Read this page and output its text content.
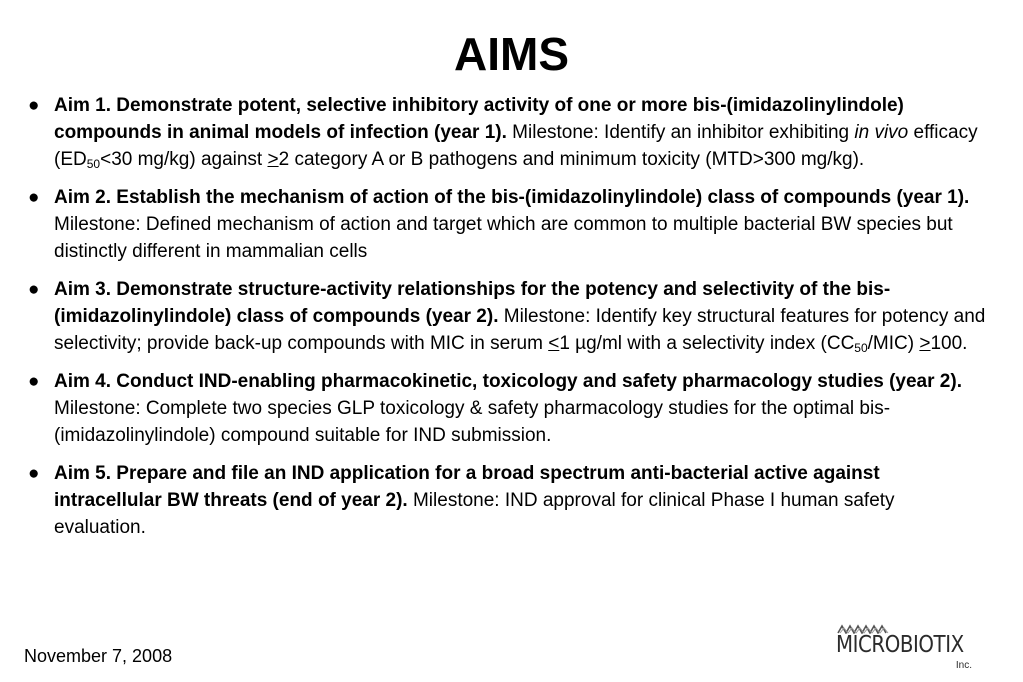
AIMS
● Aim 1. Demonstrate potent, selective inhibitory activity of one or more bis-(imidazolinylindole) compounds in animal models of infection (year 1). Milestone: Identify an inhibitor exhibiting in vivo efficacy ($ED_{50}<30$ mg/kg) against >2 category A or B pathogens and minimum toxicity (MTD>300 mg/kg).
● Aim 2. Establish the mechanism of action of the bis-(imidazolinylindole) class of compounds (year 1). Milestone: Defined mechanism of action and target which are common to multiple bacterial BW species but distinctly different in mammalian cells
● Aim 3. Demonstrate structure-activity relationships for the potency and selectivity of the bis-(imidazolinylindole) class of compounds (year 2). Milestone: Identify key structural features for potency and selectivity; provide back-up compounds with MIC in serum <1 µg/ml with a selectivity index $(CC_{50}/MIC) >100$.
● Aim 4. Conduct IND-enabling pharmacokinetic, toxicology and safety pharmacology studies (year 2). Milestone: Complete two species GLP toxicology & safety pharmacology studies for the optimal bis-(imidazolinylindole) compound suitable for IND submission.
● Aim 5. Prepare and file an IND application for a broad spectrum anti-bacterial active against intracellular BW threats (end of year 2). Milestone: IND approval for clinical Phase I human safety evaluation.
November 7, 2008	MICROBIOTIX
Inc.
